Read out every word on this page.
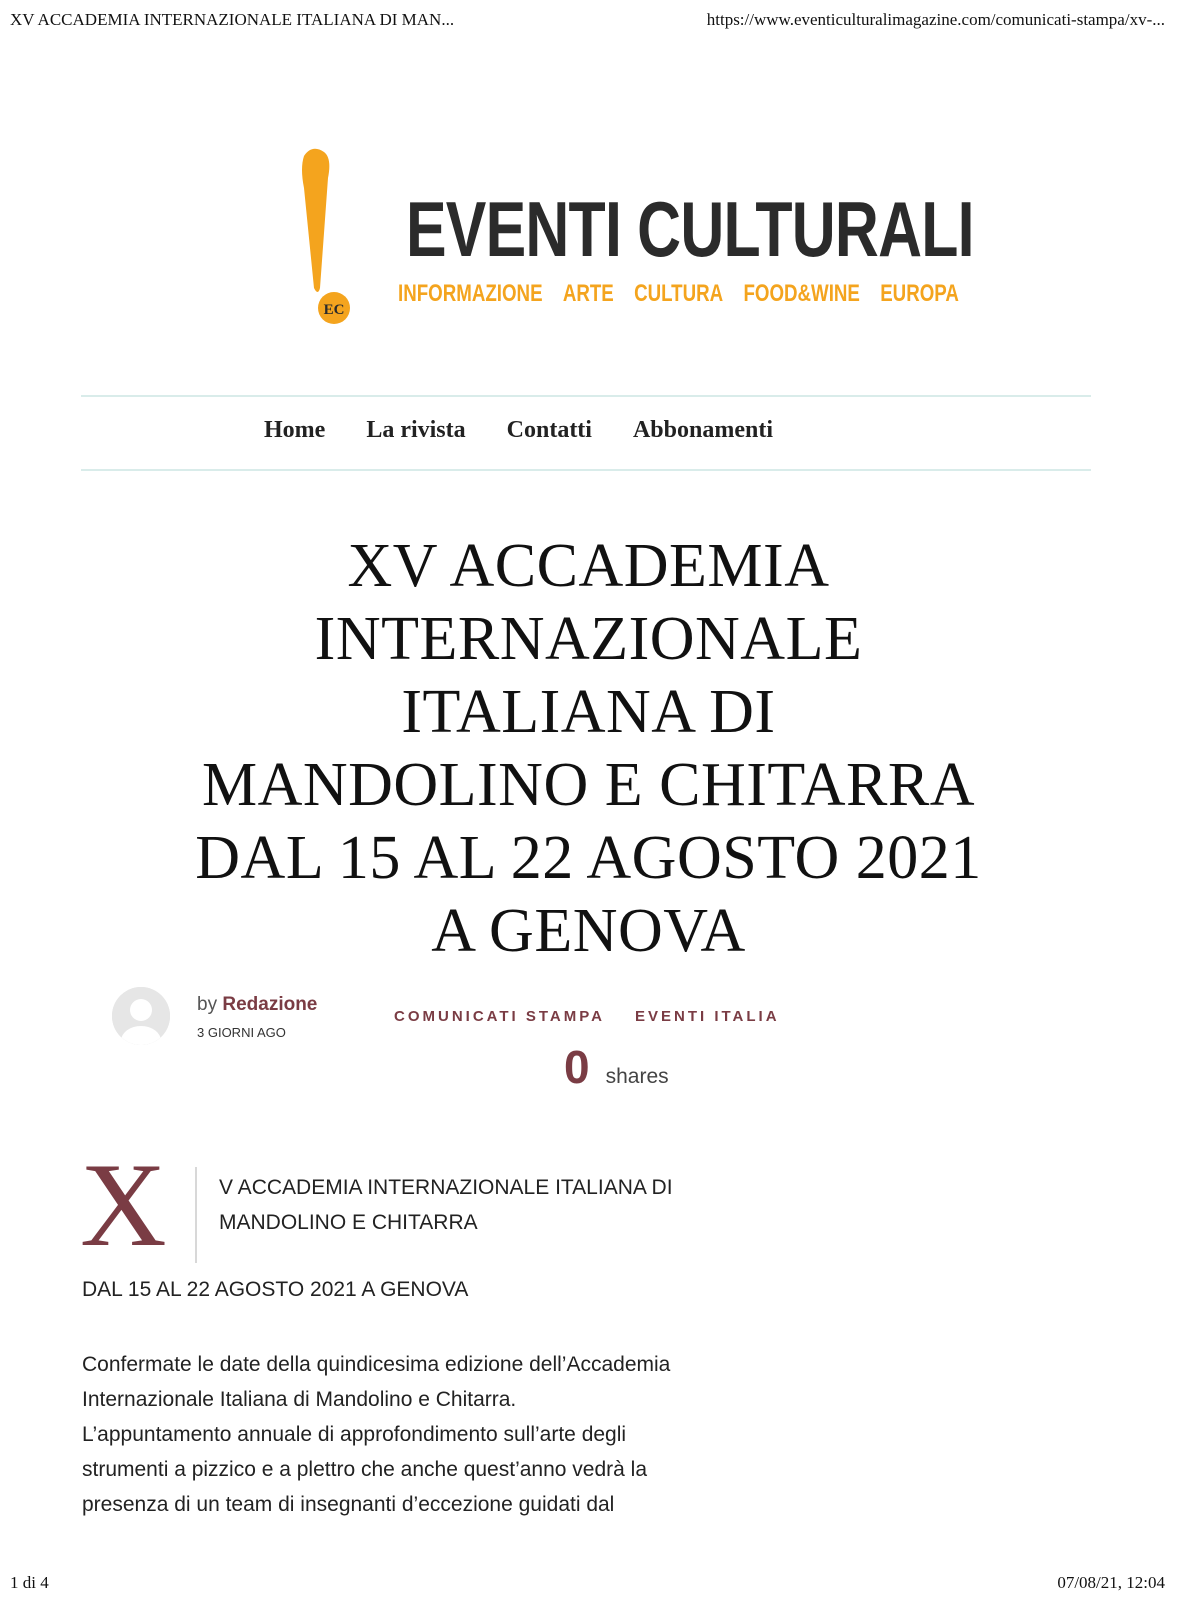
XV ACCADEMIA INTERNAZIONALE ITALIANA DI MAN...	https://www.eventiculturalimagazine.com/comunicati-stampa/xv-...
EC
EVENTI CULTURALI
INFORMAZIONE ARTE CULTURA FOOD&WINE EUROPA
Home La rivista Contatti Abbonamenti
XV ACCADEMIA
INTERNAZIONALE
ITALIANA DI
MANDOLINO E CHITARRA
DAL 15 AL 22 AGOSTO 2021
A GENOVA
by Redazione
3 GIORNI AGO
COMUNICATI STAMPA EVENTI ITALIA
0 shares
X V ACCADEMIA INTERNAZIONALE ITALIANA DI MANDOLINO E CHITARRA
DAL 15 AL 22 AGOSTO 2021 A GENOVA
Confermate le date della quindicesima edizione dell’Accademia
Internazionale Italiana di Mandolino e Chitarra.
L’appuntamento annuale di approfondimento sull’arte degli
strumenti a pizzico e a plettro che anche quest’anno vedrà la
presenza di un team di insegnanti d’eccezione guidati dal
1 di 4	07/08/21, 12:04
